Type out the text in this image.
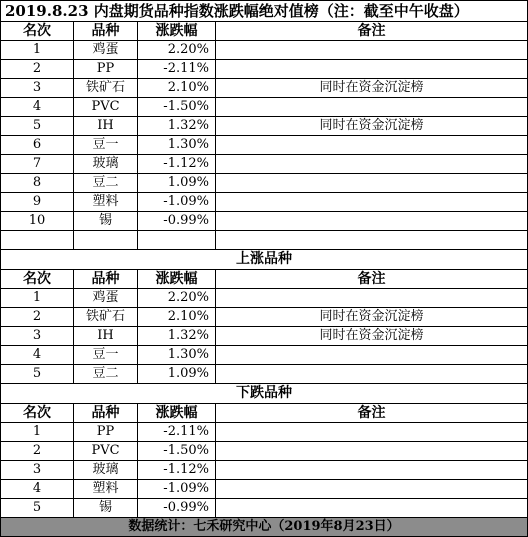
2019.8.23 内盘期货品种指数涨跌幅绝对值榜（注：截至中午收盘）			
名次	品种	涨跌幅	备注
1	鸡蛋	2.20%	
2	PP	-2.11%	
3	铁矿石	2.10%	同时在资金沉淀榜
4	PVC	-1.50%	
5	IH	1.32%	同时在资金沉淀榜
6	豆一	1.30%	
7	玻璃	-1.12%	
8	豆二	1.09%	
9	塑料	-1.09%	
10	锡	-0.99%	

上涨品种			
名次	品种	涨跌幅	备注
1	鸡蛋	2.20%	
2	铁矿石	2.10%	同时在资金沉淀榜
3	IH	1.32%	同时在资金沉淀榜
4	豆一	1.30%	
5	豆二	1.09%	
下跌品种			
名次	品种	涨跌幅	备注
1	PP	-2.11%	
2	PVC	-1.50%	
3	玻璃	-1.12%	
4	塑料	-1.09%	
5	锡	-0.99%	
数据统计：七禾研究中心（2019年8月23日）			
